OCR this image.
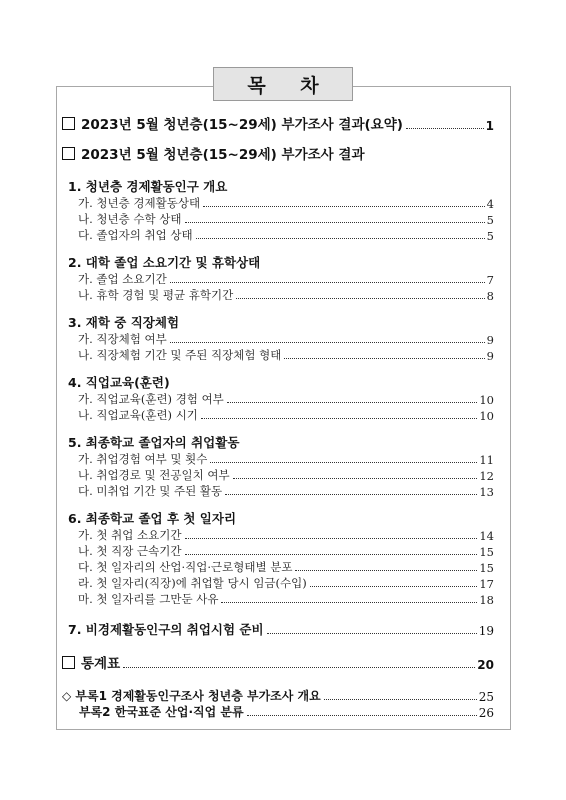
목 차
2023년 5월 청년층(15~29세) 부가조사 결과(요약)	1
2023년 5월 청년층(15~29세) 부가조사 결과
1. 청년층 경제활동인구 개요
가. 청년층 경제활동상태	4
나. 청년층 수학 상태	5
다. 졸업자의 취업 상태	5
2. 대학 졸업 소요기간 및 휴학상태
가. 졸업 소요기간	7
나. 휴학 경험 및 평균 휴학기간	8
3. 재학 중 직장체험
가. 직장체험 여부	9
나. 직장체험 기간 및 주된 직장체험 형태	9
4. 직업교육(훈련)
가. 직업교육(훈련) 경험 여부	10
나. 직업교육(훈련) 시기	10
5. 최종학교 졸업자의 취업활동
가. 취업경험 여부 및 횟수	11
나. 취업경로 및 전공일치 여부	12
다. 미취업 기간 및 주된 활동	13
6. 최종학교 졸업 후 첫 일자리
가. 첫 취업 소요기간	14
나. 첫 직장 근속기간	15
다. 첫 일자리의 산업·직업·근로형태별 분포	15
라. 첫 일자리(직장)에 취업할 당시 임금(수입)	17
마. 첫 일자리를 그만둔 사유	18
7. 비경제활동인구의 취업시험 준비	19
통계표	20
◇ 부록1 경제활동인구조사 청년층 부가조사 개요	25
부록2 한국표준 산업·직업 분류	26
